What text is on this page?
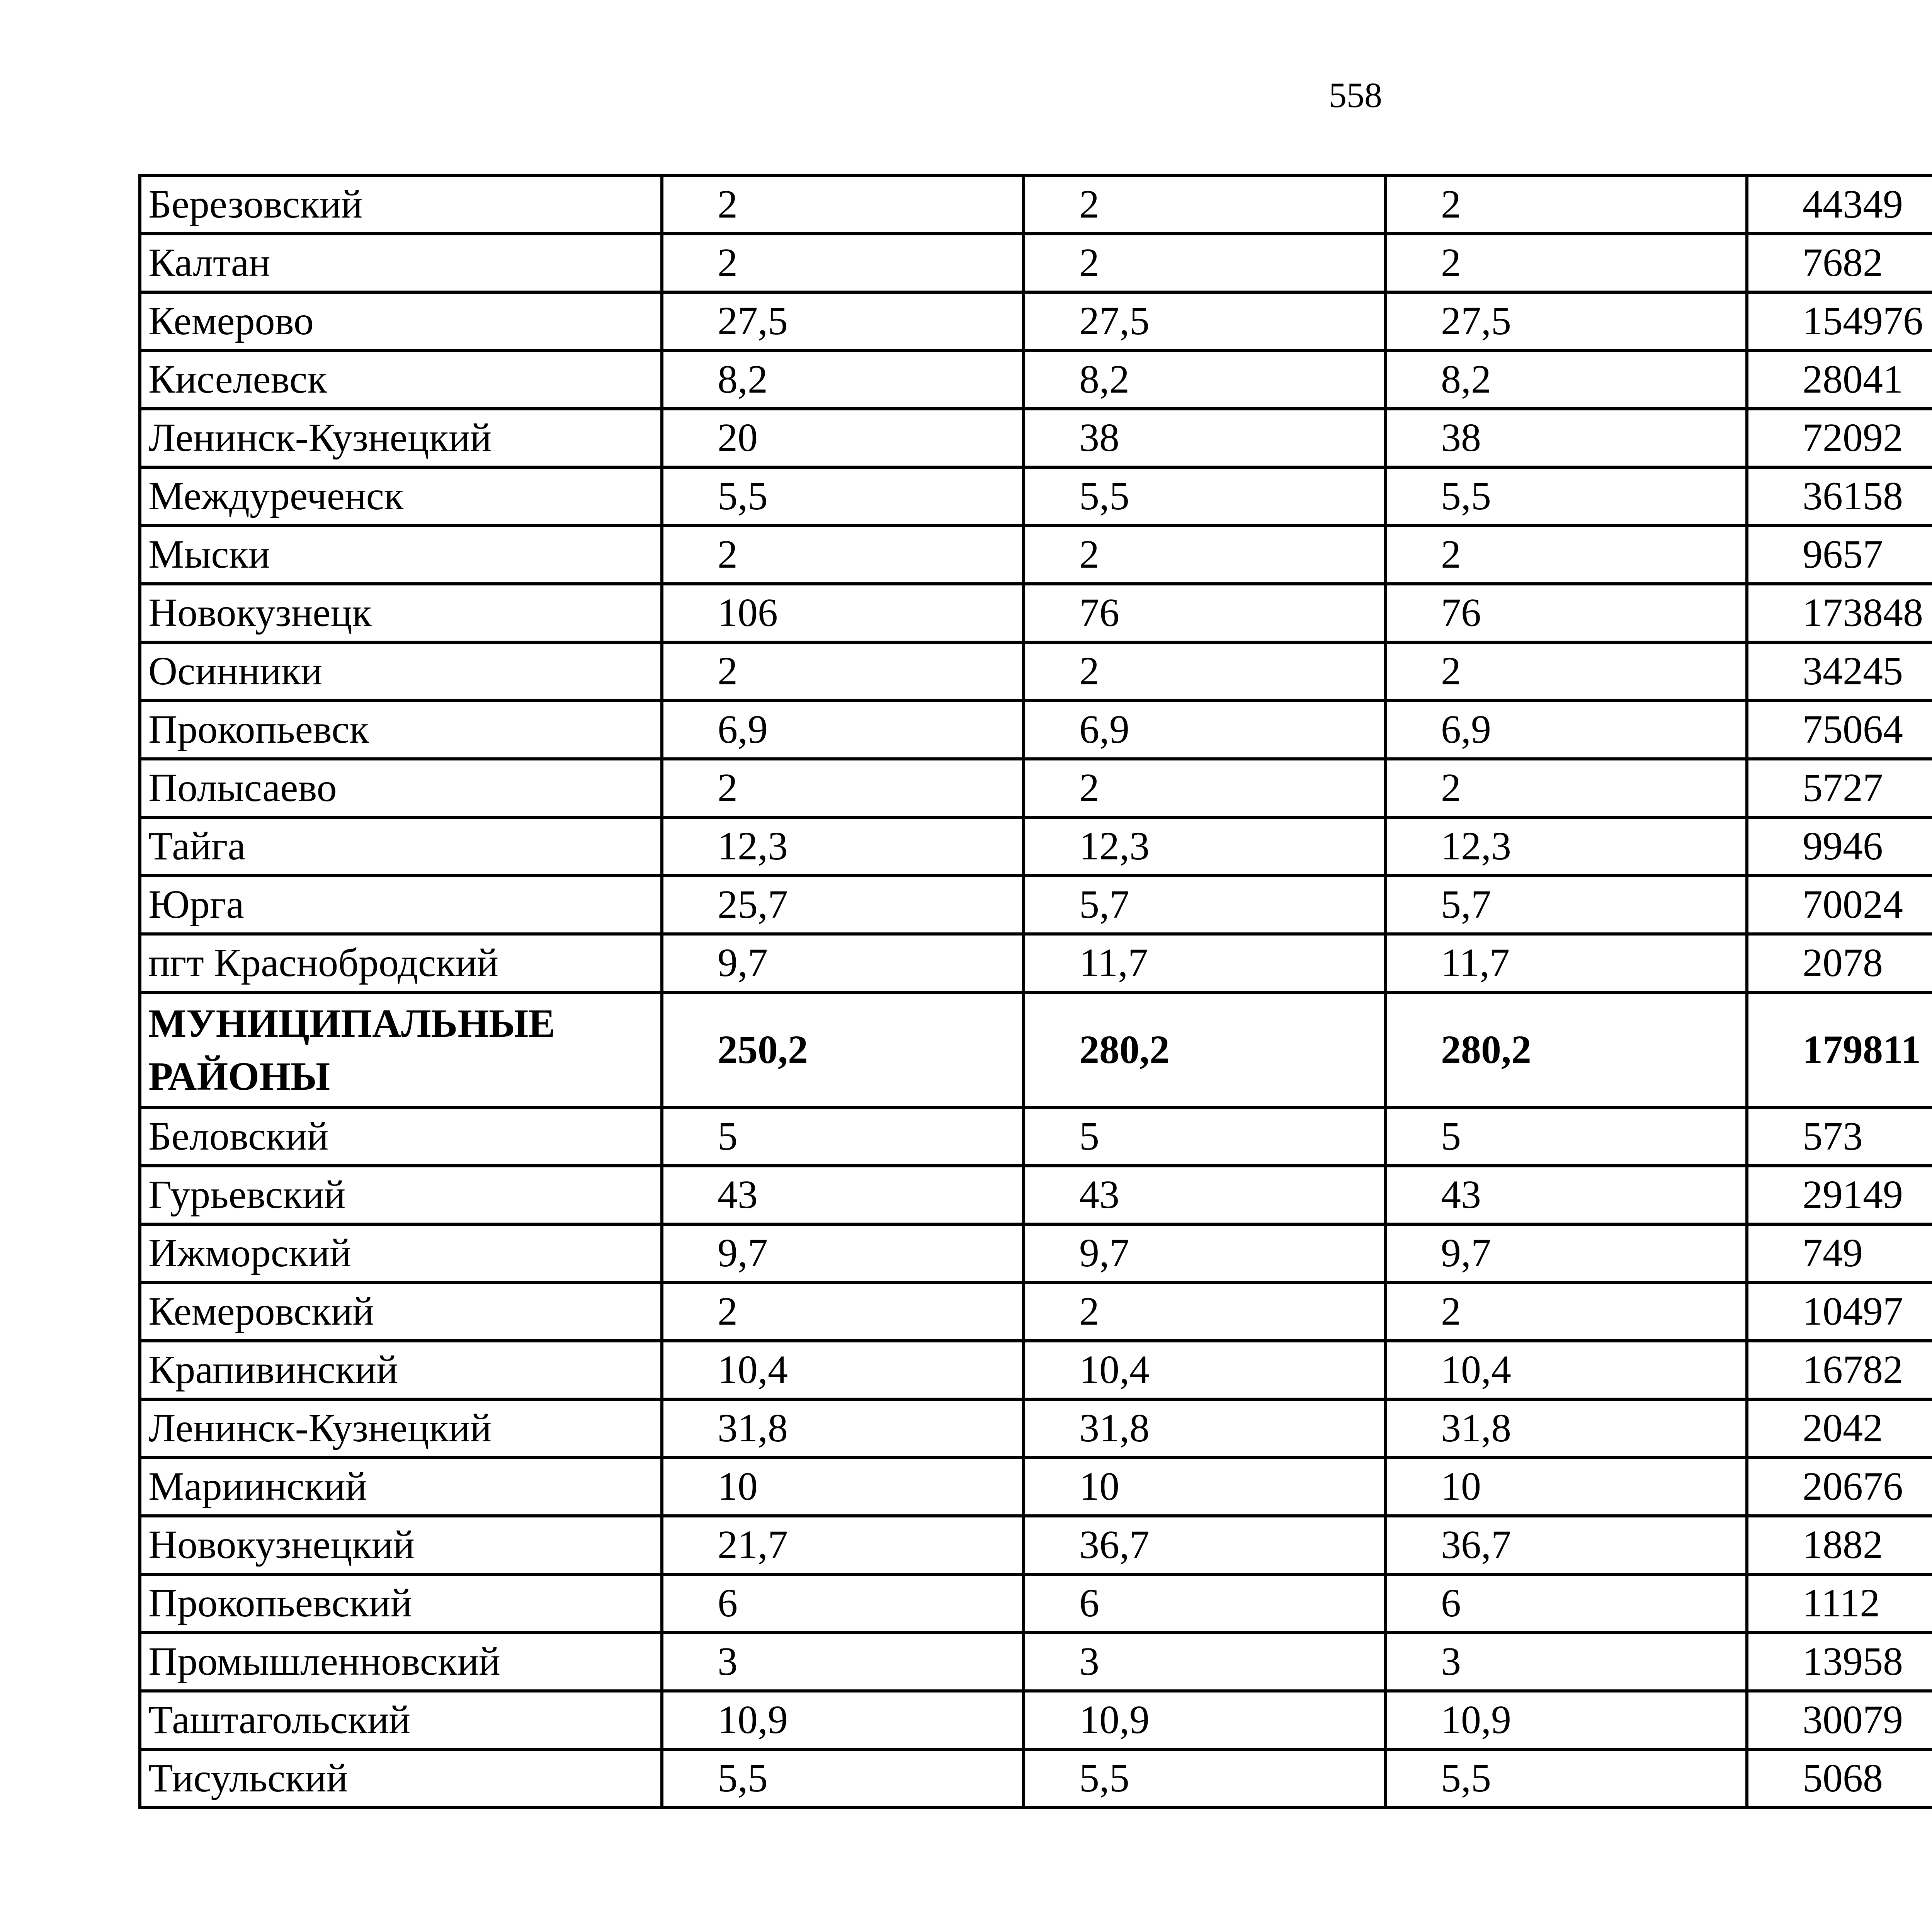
558
Березовский	2	2	2	44349		
Калтан	2	2	2	7682		
Кемерово	27,5	27,5	27,5	154976		
Киселевск	8,2	8,2	8,2	28041		
Ленинск-Кузнецкий	20	38	38	72092		
Междуреченск	5,5	5,5	5,5	36158		
Мыски	2	2	2	9657		
Новокузнецк	106	76	76	173848		
Осинники	2	2	2	34245		
Прокопьевск	6,9	6,9	6,9	75064		
Полысаево	2	2	2	5727		
Тайга	12,3	12,3	12,3	9946		
Юрга	25,7	5,7	5,7	70024		
пгт Краснобродский	9,7	11,7	11,7	2078		
МУНИЦИПАЛЬНЫЕ РАЙОНЫ	250,2	280,2	280,2	179811		
Беловский	5	5	5	573		
Гурьевский	43	43	43	29149		
Ижморский	9,7	9,7	9,7	749		
Кемеровский	2	2	2	10497		
Крапивинский	10,4	10,4	10,4	16782		
Ленинск-Кузнецкий	31,8	31,8	31,8	2042		
Мариинский	10	10	10	20676		
Новокузнецкий	21,7	36,7	36,7	1882		
Прокопьевский	6	6	6	1112		
Промышленновский	3	3	3	13958		
Таштагольский	10,9	10,9	10,9	30079		
Тисульский	5,5	5,5	5,5	5068		
